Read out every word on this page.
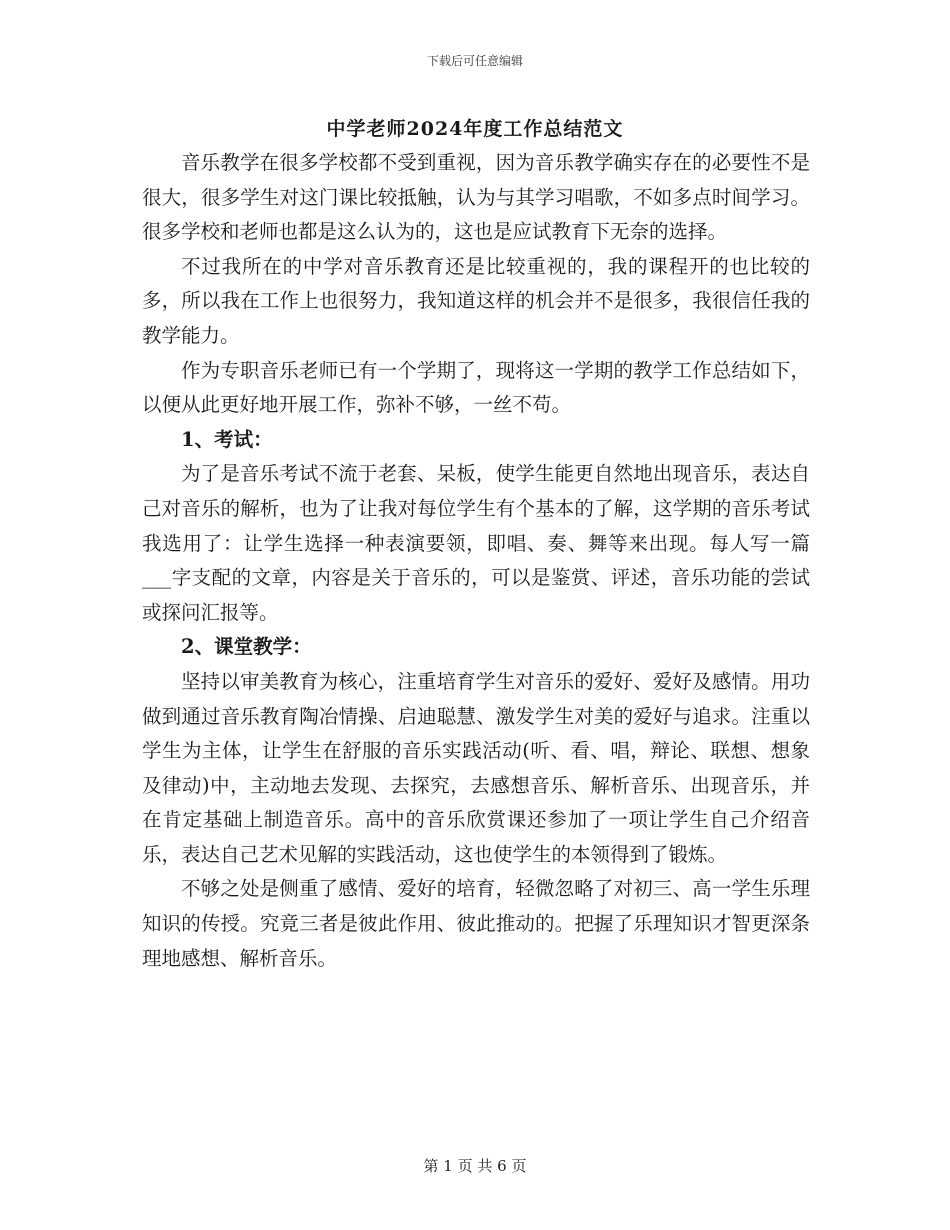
下载后可任意编辑
中学老师2024年度工作总结范文

音乐教学在很多学校都不受到重视，因为音乐教学确实存在的必要性不是很大，很多学生对这门课比较抵触，认为与其学习唱歌，不如多点时间学习。很多学校和老师也都是这么认为的，这也是应试教育下无奈的选择。

不过我所在的中学对音乐教育还是比较重视的，我的课程开的也比较的多，所以我在工作上也很努力，我知道这样的机会并不是很多，我很信任我的教学能力。

作为专职音乐老师已有一个学期了，现将这一学期的教学工作总结如下，以便从此更好地开展工作，弥补不够，一丝不苟。

1、考试：

为了是音乐考试不流于老套、呆板，使学生能更自然地出现音乐，表达自己对音乐的解析，也为了让我对每位学生有个基本的了解，这学期的音乐考试我选用了：让学生选择一种表演要领，即唱、奏、舞等来出现。每人写一篇___字支配的文章，内容是关于音乐的，可以是鉴赏、评述，音乐功能的尝试或探问汇报等。

2、课堂教学：

坚持以审美教育为核心，注重培育学生对音乐的爱好、爱好及感情。用功做到通过音乐教育陶冶情操、启迪聪慧、激发学生对美的爱好与追求。注重以学生为主体，让学生在舒服的音乐实践活动(听、看、唱，辩论、联想、想象及律动)中，主动地去发现、去探究，去感想音乐、解析音乐、出现音乐，并在肯定基础上制造音乐。高中的音乐欣赏课还参加了一项让学生自己介绍音乐，表达自己艺术见解的实践活动，这也使学生的本领得到了锻炼。

不够之处是侧重了感情、爱好的培育，轻微忽略了对初三、高一学生乐理知识的传授。究竟三者是彼此作用、彼此推动的。把握了乐理知识才智更深条理地感想、解析音乐。

第 1 页 共 6 页
